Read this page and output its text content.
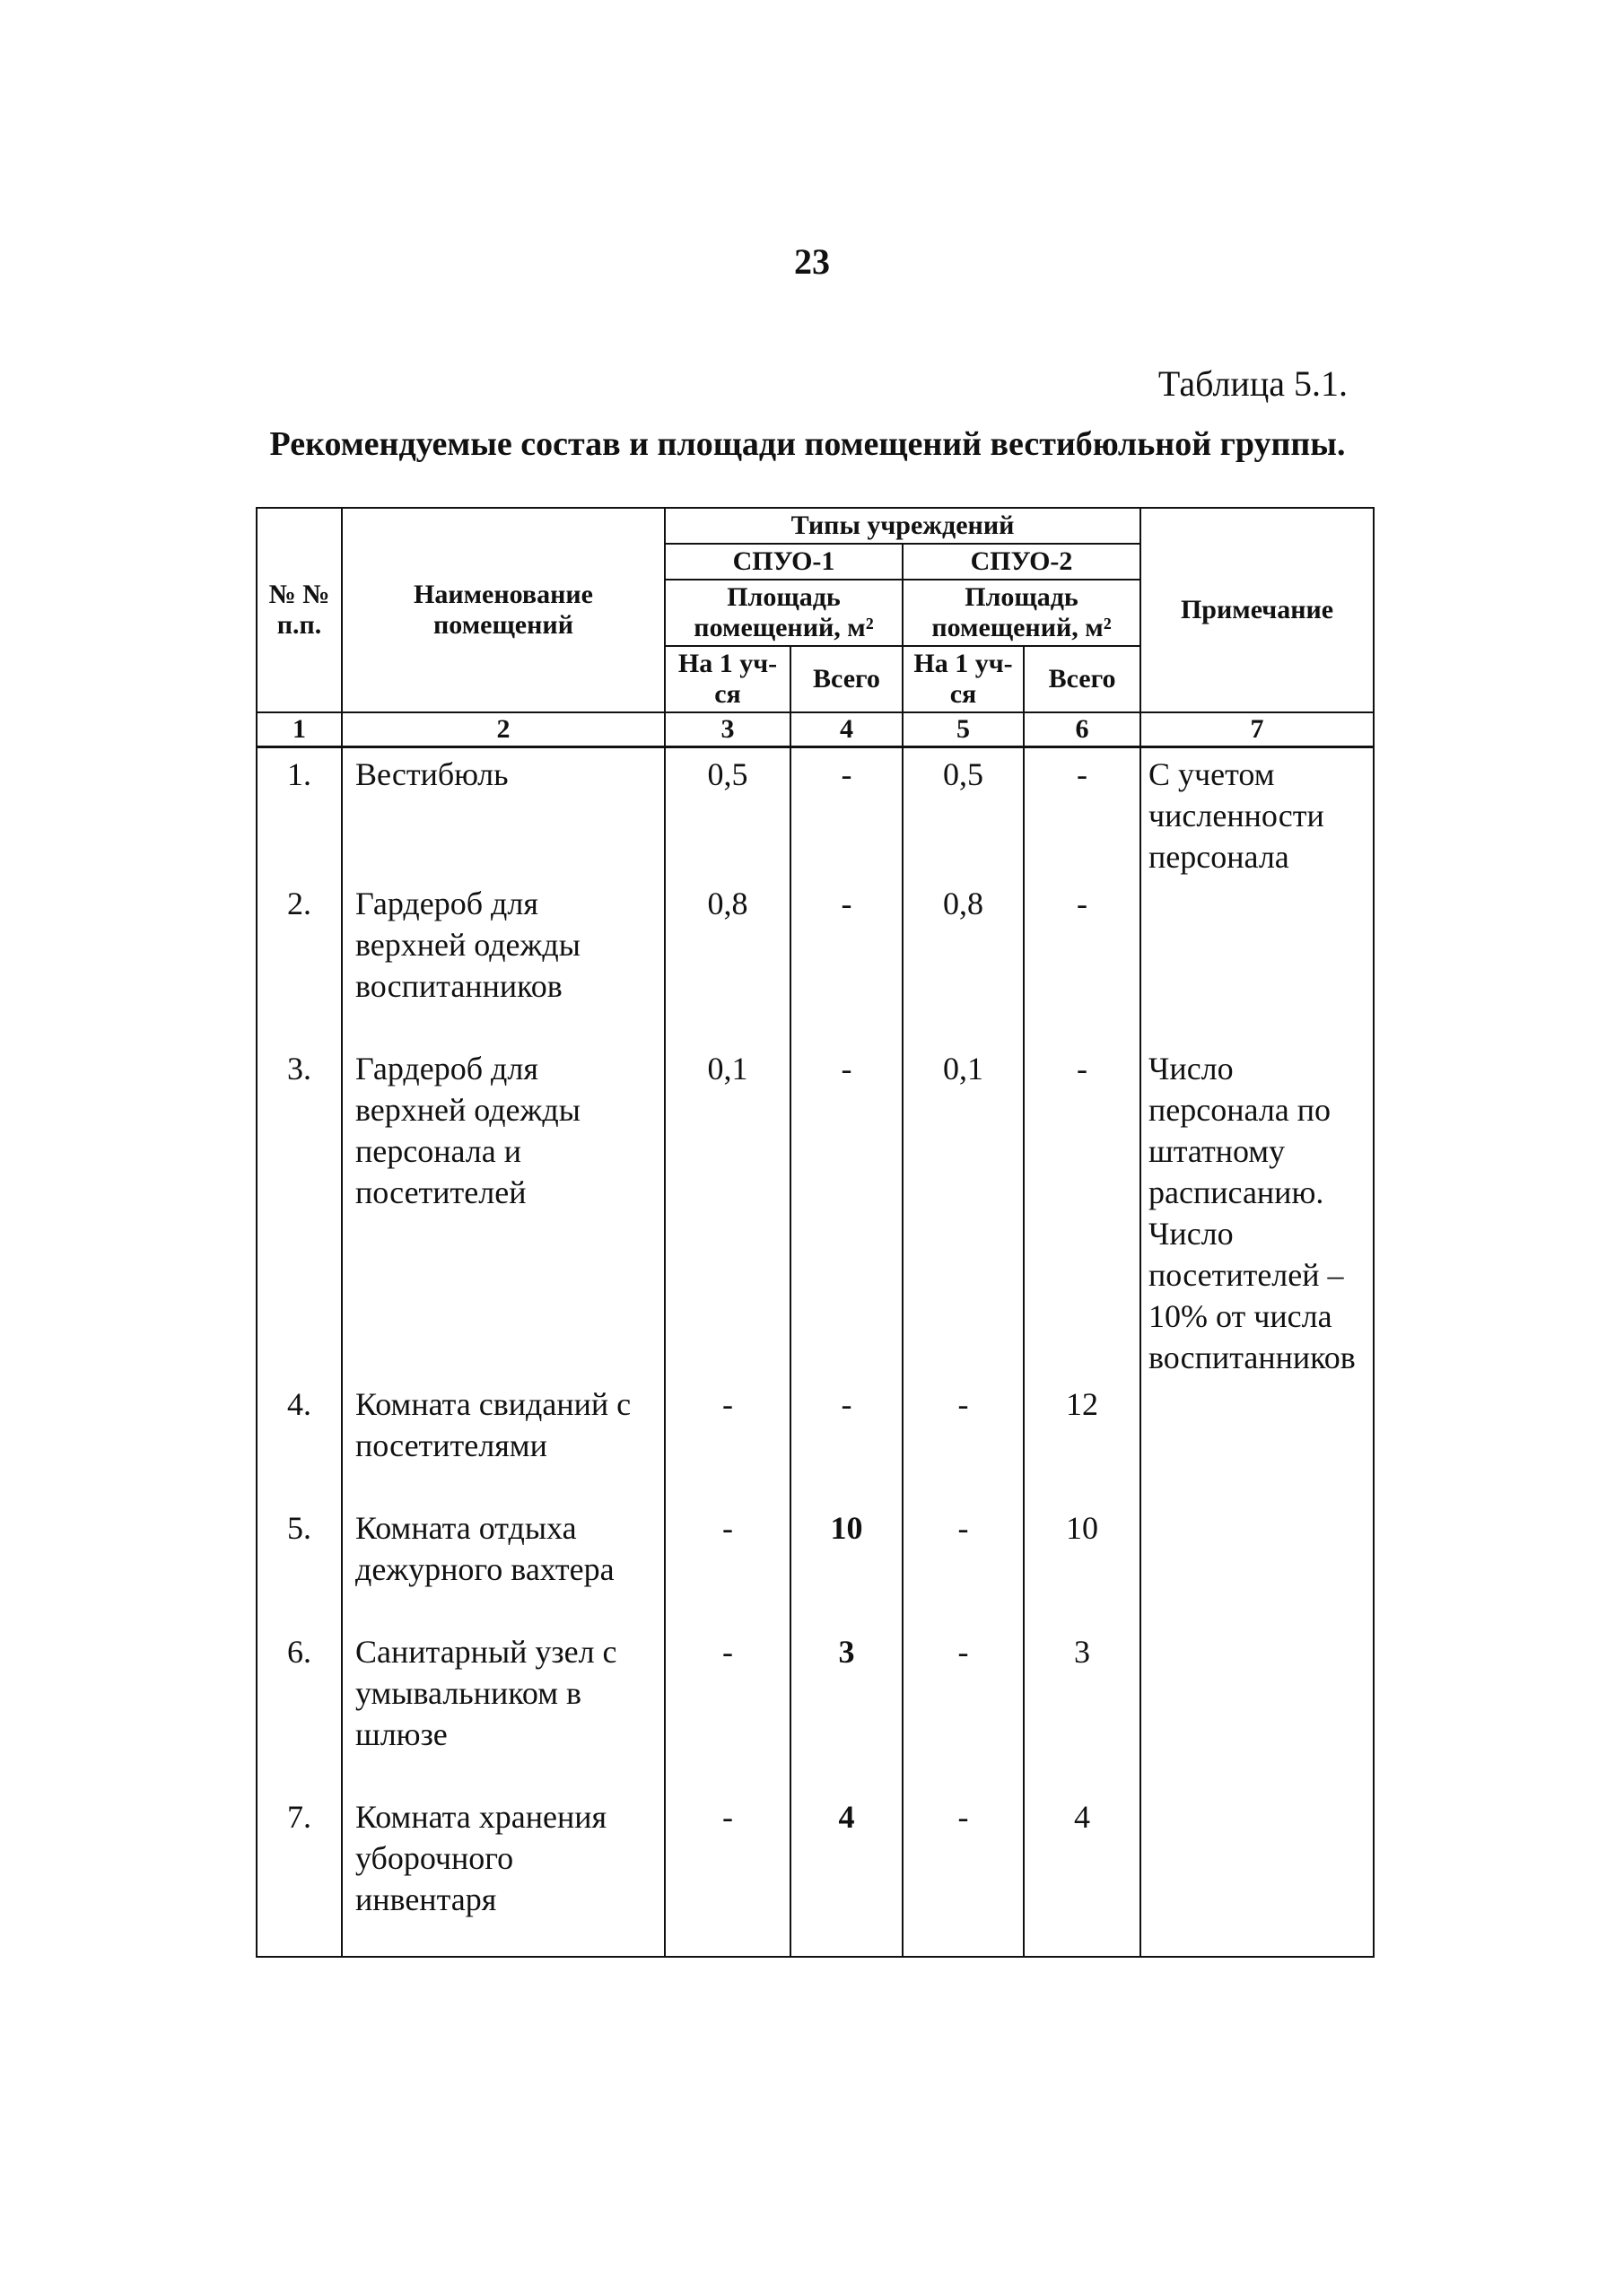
23
Таблица 5.1.
Рекомендуемые состав и площади помещений вестибюльной группы.
№ № п.п.	Наименование помещений	Типы учреждений				Примечание
		СПУО-1		СПУО-2		
		Площадь помещений, м²		Площадь помещений, м²		
		На 1 уч-ся	Всего	На 1 уч-ся	Всего	
1	2	3	4	5	6	7
1.	Вестибюль	0,5	-	0,5	-	С учетом численности персонала
2.	Гардероб для верхней одежды воспитанников	0,8	-	0,8	-	
3.	Гардероб для верхней одежды персонала и посетителей	0,1	-	0,1	-	Число персонала по штатному расписанию. Число посетителей – 10% от числа воспитанников
4.	Комната свиданий с посетителями	-	-	-	12	
5.	Комната отдыха дежурного вахтера	-	10	-	10	
6.	Санитарный узел с умывальником в шлюзе	-	3	-	3	
7.	Комната хранения уборочного инвентаря	-	4	-	4	
